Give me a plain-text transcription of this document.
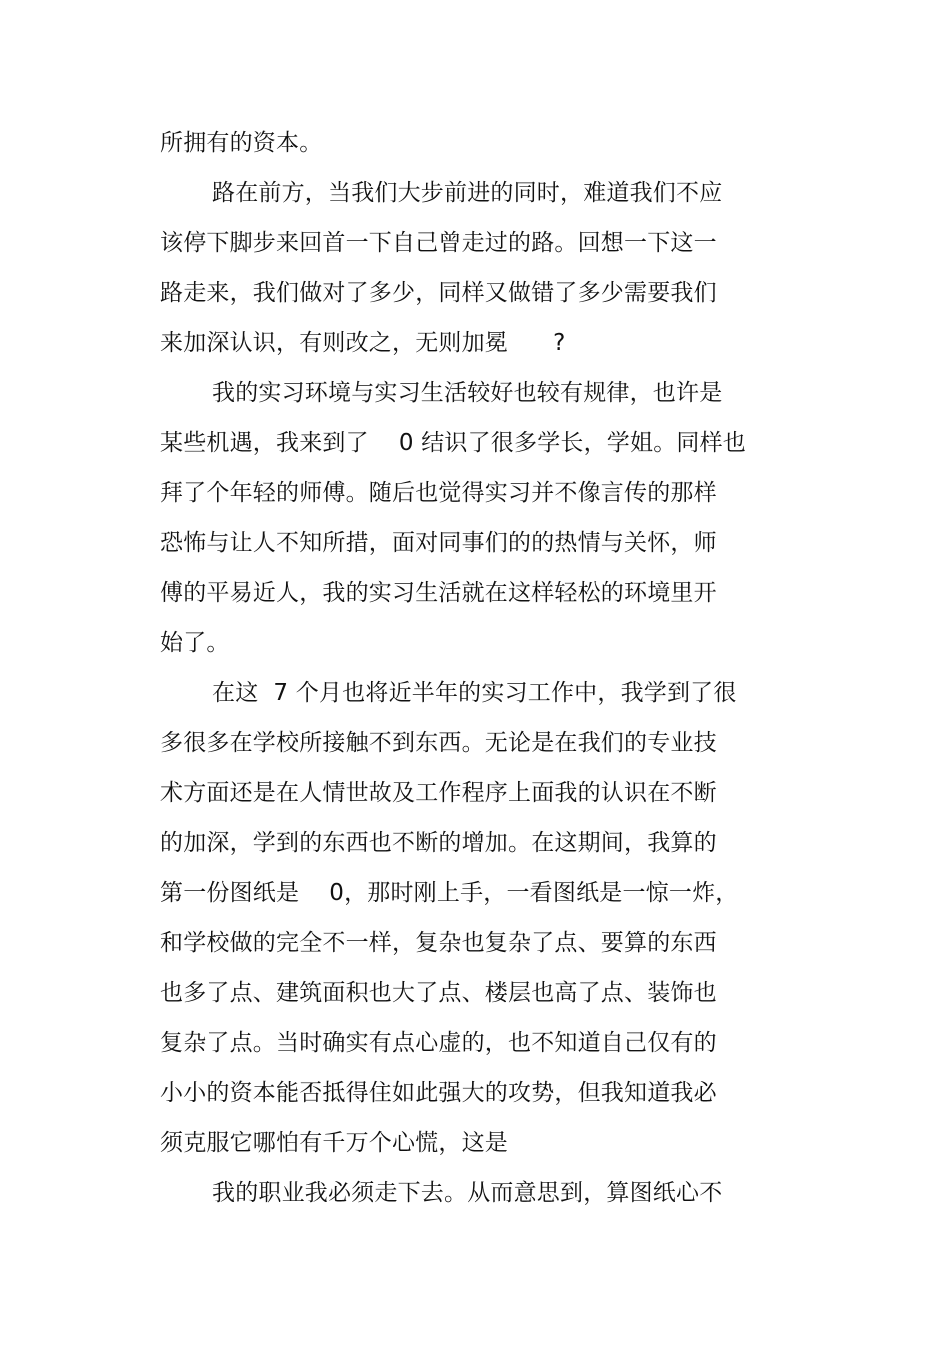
所拥有的资本。
路在前方，当我们大步前进的同时，难道我们不应
该停下脚步来回首一下自己曾走过的路。回想一下这一
路走来，我们做对了多少，同样又做错了多少需要我们
来加深认识，有则改之，无则加冕      ?
我的实习环境与实习生活较好也较有规律，也许是
某些机遇，我来到了    0 结识了很多学长，学姐。同样也
拜了个年轻的师傅。随后也觉得实习并不像言传的那样
恐怖与让人不知所措，面对同事们的的热情与关怀，师
傅的平易近人，我的实习生活就在这样轻松的环境里开
始了。
在这  7 个月也将近半年的实习工作中，我学到了很
多很多在学校所接触不到东西。无论是在我们的专业技
术方面还是在人情世故及工作程序上面我的认识在不断
的加深，学到的东西也不断的增加。在这期间，我算的
第一份图纸是    0，那时刚上手，一看图纸是一惊一炸，
和学校做的完全不一样，复杂也复杂了点、要算的东西
也多了点、建筑面积也大了点、楼层也高了点、装饰也
复杂了点。当时确实有点心虚的，也不知道自己仅有的
小小的资本能否抵得住如此强大的攻势，但我知道我必
须克服它哪怕有千万个心慌，这是
我的职业我必须走下去。从而意思到，算图纸心不
